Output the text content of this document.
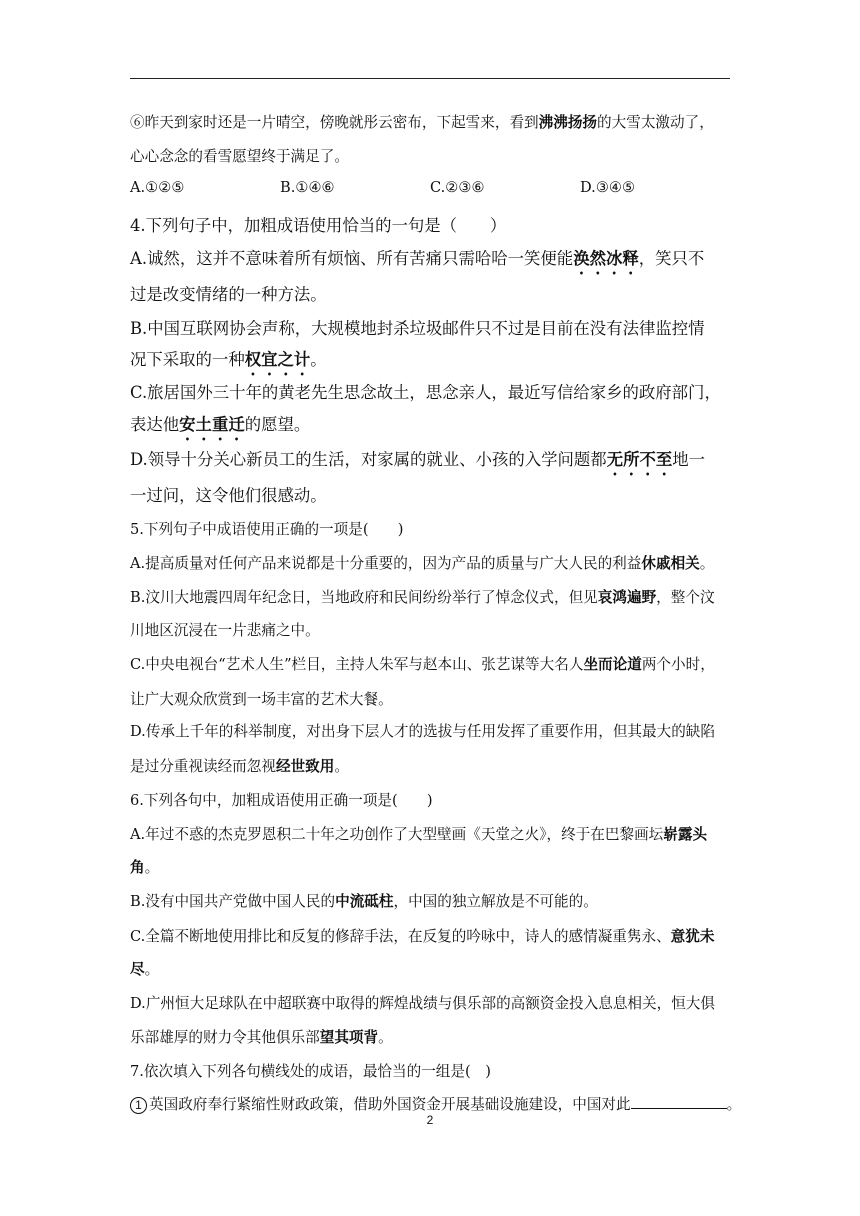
⑥昨天到家时还是一片晴空，傍晚就彤云密布，下起雪来，看到沸沸扬扬的大雪太激动了，
心心念念的看雪愿望终于满足了。
A.①②⑤	B.①④⑥	C.②③⑥	D.③④⑤
4.下列句子中，加粗成语使用恰当的一句是（　　）
A.诚然，这并不意味着所有烦恼、所有苦痛只需哈哈一笑便能涣然冰释，笑只不
过是改变情绪的一种方法。
B.中国互联网协会声称，大规模地封杀垃圾邮件只不过是目前在没有法律监控情
况下采取的一种权宜之计。
C.旅居国外三十年的黄老先生思念故土，思念亲人，最近写信给家乡的政府部门，
表达他安土重迁的愿望。
D.领导十分关心新员工的生活，对家属的就业、小孩的入学问题都无所不至地一
一过问，这令他们很感动。
5.下列句子中成语使用正确的一项是(　　)
A.提高质量对任何产品来说都是十分重要的，因为产品的质量与广大人民的利益休戚相关。
B.汶川大地震四周年纪念日，当地政府和民间纷纷举行了悼念仪式，但见哀鸿遍野，整个汶
川地区沉浸在一片悲痛之中。
C.中央电视台“艺术人生”栏目，主持人朱军与赵本山、张艺谋等大名人坐而论道两个小时，
让广大观众欣赏到一场丰富的艺术大餐。
D.传承上千年的科举制度，对出身下层人才的选拔与任用发挥了重要作用，但其最大的缺陷
是过分重视读经而忽视经世致用。
6.下列各句中，加粗成语使用正确一项是(　　)
A.年过不惑的杰克罗恩积二十年之功创作了大型壁画《天堂之火》，终于在巴黎画坛崭露头
角。
B.没有中国共产党做中国人民的中流砥柱，中国的独立解放是不可能的。
C.全篇不断地使用排比和反复的修辞手法，在反复的吟咏中，诗人的感情凝重隽永、意犹未
尽。
D.广州恒大足球队在中超联赛中取得的辉煌战绩与俱乐部的高额资金投入息息相关，恒大俱
乐部雄厚的财力令其他俱乐部望其项背。
7.依次填入下列各句横线处的成语，最恰当的一组是(　)
1 英国政府奉行紧缩性财政政策，借助外国资金开展基础设施建设，中国对此	。
2
